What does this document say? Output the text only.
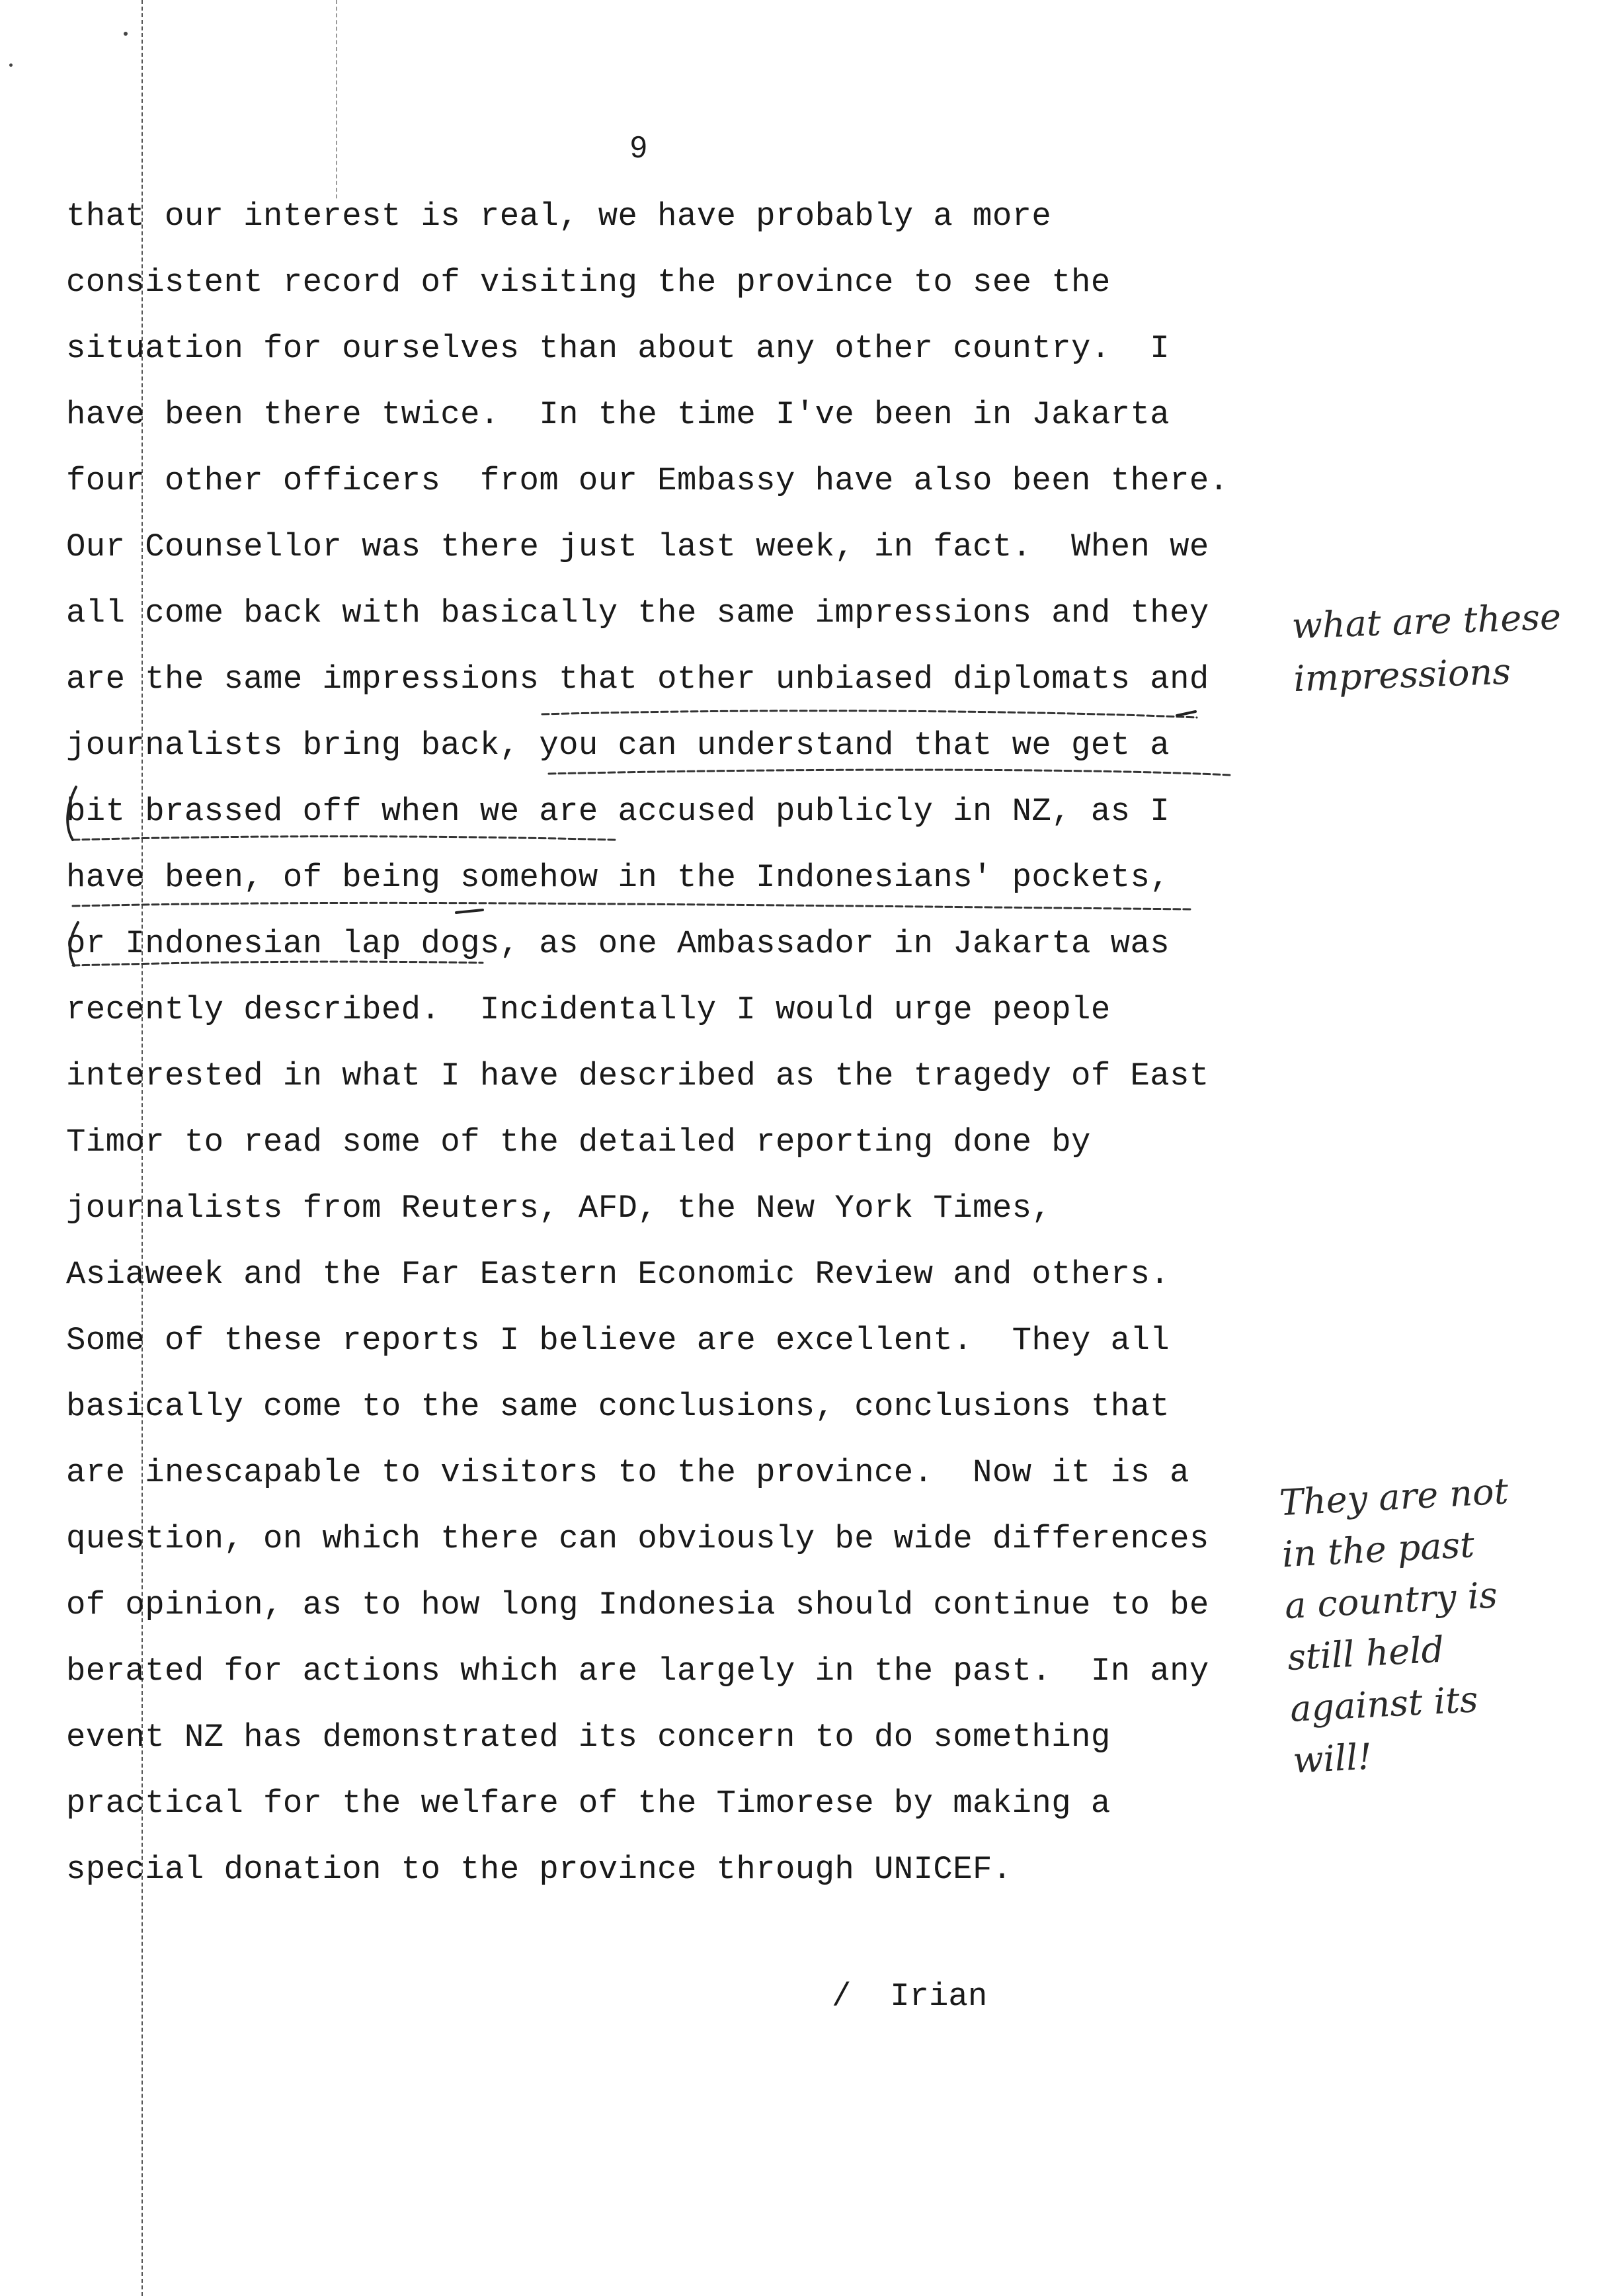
9
that our interest is real, we have probably a more
consistent record of visiting the province to see the
situation for ourselves than about any other country.  I
have been there twice.  In the time I've been in Jakarta
four other officers  from our Embassy have also been there.
Our Counsellor was there just last week, in fact.  When we
all come back with basically the same impressions and they
are the same impressions that other unbiased diplomats and
journalists bring back, you can understand that we get a
bit brassed off when we are accused publicly in NZ, as I
have been, of being somehow in the Indonesians' pockets,
or Indonesian lap dogs, as one Ambassador in Jakarta was
recently described.  Incidentally I would urge people
interested in what I have described as the tragedy of East
Timor to read some of the detailed reporting done by
journalists from Reuters, AFD, the New York Times,
Asiaweek and the Far Eastern Economic Review and others.
Some of these reports I believe are excellent.  They all
basically come to the same conclusions, conclusions that
are inescapable to visitors to the province.  Now it is a
question, on which there can obviously be wide differences
of opinion, as to how long Indonesia should continue to be
berated for actions which are largely in the past.  In any
event NZ has demonstrated its concern to do something
practical for the welfare of the Timorese by making a
special donation to the province through UNICEF.
what are these
impressions
They are not
in the past
a country is
still held
against its
will!
/  Irian
